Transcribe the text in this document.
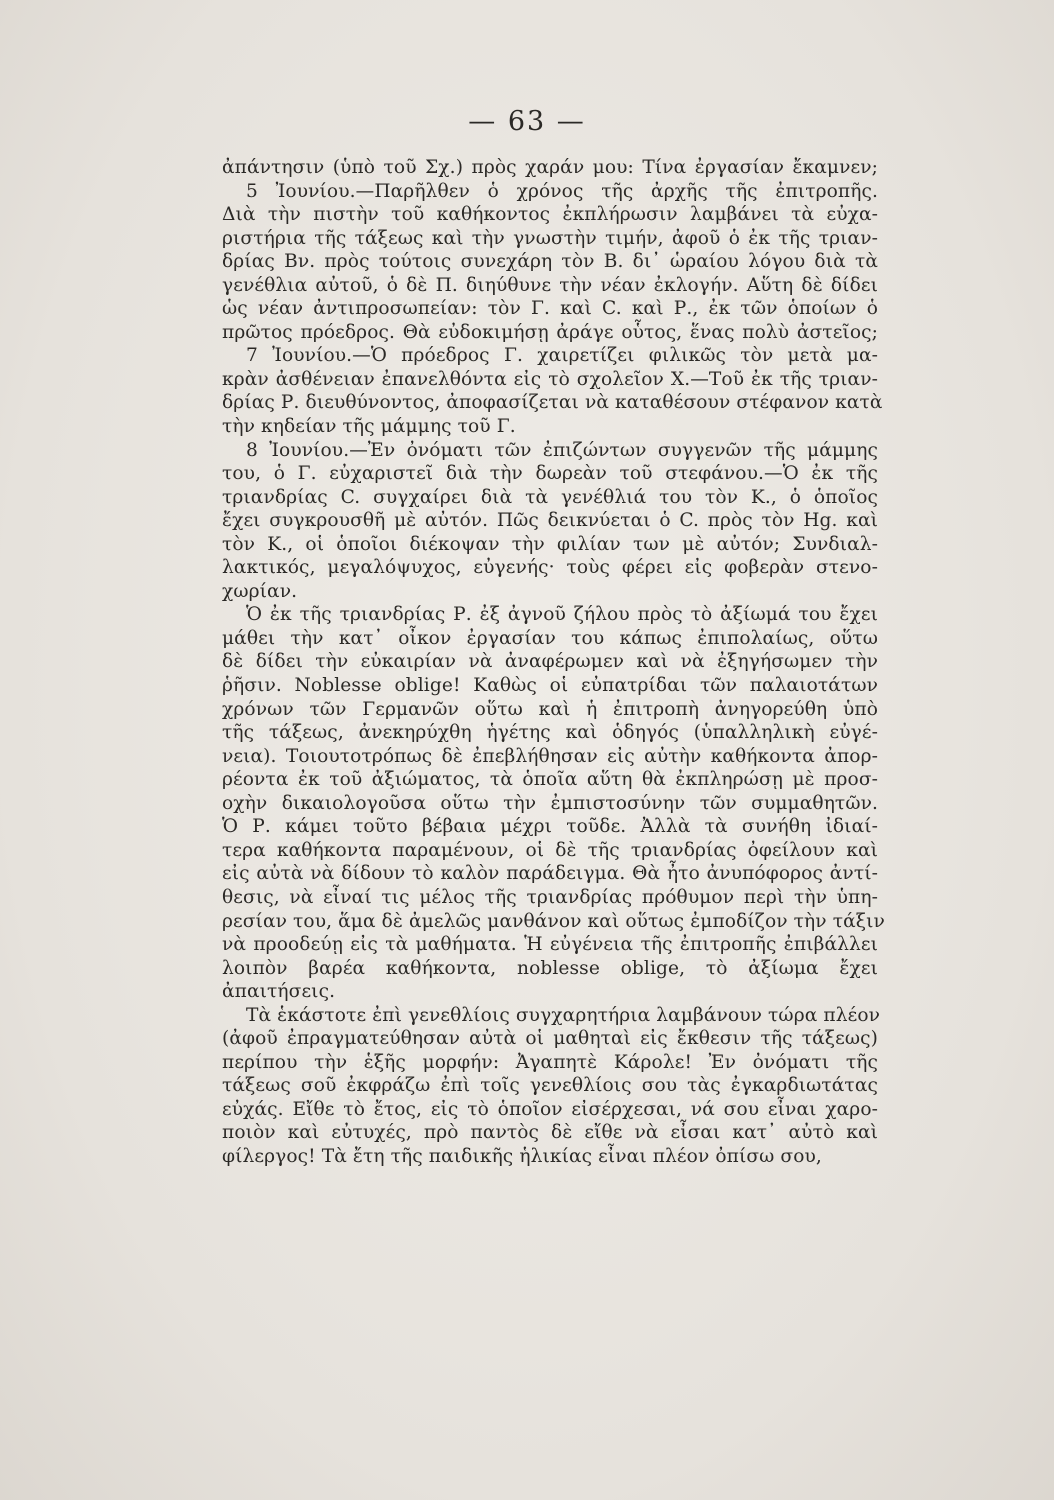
— 63 —
ἀπάντησιν (ὑπὸ τοῦ Σχ.) πρὸς χαράν μου: Τίνα ἐργασίαν ἔκαμνεν;
5 Ἰουνίου.—Παρῆλθεν ὁ χρόνος τῆς ἀρχῆς τῆς ἐπιτροπῆς.
Διὰ τὴν πιστὴν τοῦ καθήκοντος ἐκπλήρωσιν λαμβάνει τὰ εὐχα-
ριστήρια τῆς τάξεως καὶ τὴν γνωστὴν τιμήν, ἀφοῦ ὁ ἐκ τῆς τριαν-
δρίας Βν. πρὸς τούτοις συνεχάρη τὸν Β. δι᾿ ὡραίου λόγου διὰ τὰ
γενέθλια αὐτοῦ, ὁ δὲ Π. διηύθυνε τὴν νέαν ἐκλογήν. Αὕτη δὲ δίδει
ὡς νέαν ἀντιπροσωπείαν: τὸν Γ. καὶ C. καὶ Ρ., ἐκ τῶν ὁποίων ὁ
πρῶτος πρόεδρος. Θὰ εὐδοκιμήσῃ ἀράγε οὗτος, ἕνας πολὺ ἀστεῖος;
7 Ἰουνίου.—Ὁ πρόεδρος Γ. χαιρετίζει φιλικῶς τὸν μετὰ μα-
κρὰν ἀσθένειαν ἐπανελθόντα εἰς τὸ σχολεῖον Χ.—Τοῦ ἐκ τῆς τριαν-
δρίας Ρ. διευθύνοντος, ἀποφασίζεται νὰ καταθέσουν στέφανον κατὰ
τὴν κηδείαν τῆς μάμμης τοῦ Γ.
8 Ἰουνίου.—Ἐν ὀνόματι τῶν ἐπιζώντων συγγενῶν τῆς μάμμης
του, ὁ Γ. εὐχαριστεῖ διὰ τὴν δωρεὰν τοῦ στεφάνου.—Ὁ ἐκ τῆς
τριανδρίας C. συγχαίρει διὰ τὰ γενέθλιά του τὸν Κ., ὁ ὁποῖος
ἔχει συγκρουσθῆ μὲ αὐτόν. Πῶς δεικνύεται ὁ C. πρὸς τὸν Hg. καὶ
τὸν Κ., οἱ ὁποῖοι διέκοψαν τὴν φιλίαν των μὲ αὐτόν; Συνδιαλ-
λακτικός, μεγαλόψυχος, εὐγενής· τοὺς φέρει εἰς φοβερὰν στενο-
χωρίαν.
Ὁ ἐκ τῆς τριανδρίας Ρ. ἐξ ἀγνοῦ ζήλου πρὸς τὸ ἀξίωμά του ἔχει
μάθει τὴν κατ᾿ οἶκον ἐργασίαν του κάπως ἐπιπολαίως, οὕτω
δὲ δίδει τὴν εὐκαιρίαν νὰ ἀναφέρωμεν καὶ νὰ ἐξηγήσωμεν τὴν
ῥῆσιν. Noblesse oblige! Καθὼς οἱ εὐπατρίδαι τῶν παλαιοτάτων
χρόνων τῶν Γερμανῶν οὕτω καὶ ἡ ἐπιτροπὴ ἀνηγορεύθη ὑπὸ
τῆς τάξεως, ἀνεκηρύχθη ἡγέτης καὶ ὁδηγός (ὑπαλληλικὴ εὐγέ-
νεια). Τοιουτοτρόπως δὲ ἐπεβλήθησαν εἰς αὐτὴν καθήκοντα ἀπορ-
ρέοντα ἐκ τοῦ ἀξιώματος, τὰ ὁποῖα αὕτη θὰ ἐκπληρώσῃ μὲ προσ-
οχὴν δικαιολογοῦσα οὕτω τὴν ἐμπιστοσύνην τῶν συμμαθητῶν.
Ὁ Ρ. κάμει τοῦτο βέβαια μέχρι τοῦδε. Ἀλλὰ τὰ συνήθη ἰδιαί-
τερα καθήκοντα παραμένουν, οἱ δὲ τῆς τριανδρίας ὀφείλουν καὶ
εἰς αὐτὰ νὰ δίδουν τὸ καλὸν παράδειγμα. Θὰ ἦτο ἀνυπόφορος ἀντί-
θεσις, νὰ εἶναί τις μέλος τῆς τριανδρίας πρόθυμον περὶ τὴν ὑπη-
ρεσίαν του, ἅμα δὲ ἀμελῶς μανθάνον καὶ οὕτως ἐμποδίζον τὴν τάξιν
νὰ προοδεύῃ εἰς τὰ μαθήματα. Ἡ εὐγένεια τῆς ἐπιτροπῆς ἐπιβάλλει
λοιπὸν βαρέα καθήκοντα, noblesse oblige, τὸ ἀξίωμα ἔχει
ἀπαιτήσεις.
Τὰ ἑκάστοτε ἐπὶ γενεθλίοις συγχαρητήρια λαμβάνουν τώρα πλέον
(ἀφοῦ ἐπραγματεύθησαν αὐτὰ οἱ μαθηταὶ εἰς ἔκθεσιν τῆς τάξεως)
περίπου τὴν ἑξῆς μορφήν: Ἀγαπητὲ Κάρολε! Ἐν ὀνόματι τῆς
τάξεως σοῦ ἐκφράζω ἐπὶ τοῖς γενεθλίοις σου τὰς ἐγκαρδιωτάτας
εὐχάς. Εἴθε τὸ ἔτος, εἰς τὸ ὁποῖον εἰσέρχεσαι, νά σου εἶναι χαρο-
ποιὸν καὶ εὐτυχές, πρὸ παντὸς δὲ εἴθε νὰ εἶσαι κατ᾿ αὐτὸ καὶ
φίλεργος! Τὰ ἔτη τῆς παιδικῆς ἡλικίας εἶναι πλέον ὀπίσω σου,
